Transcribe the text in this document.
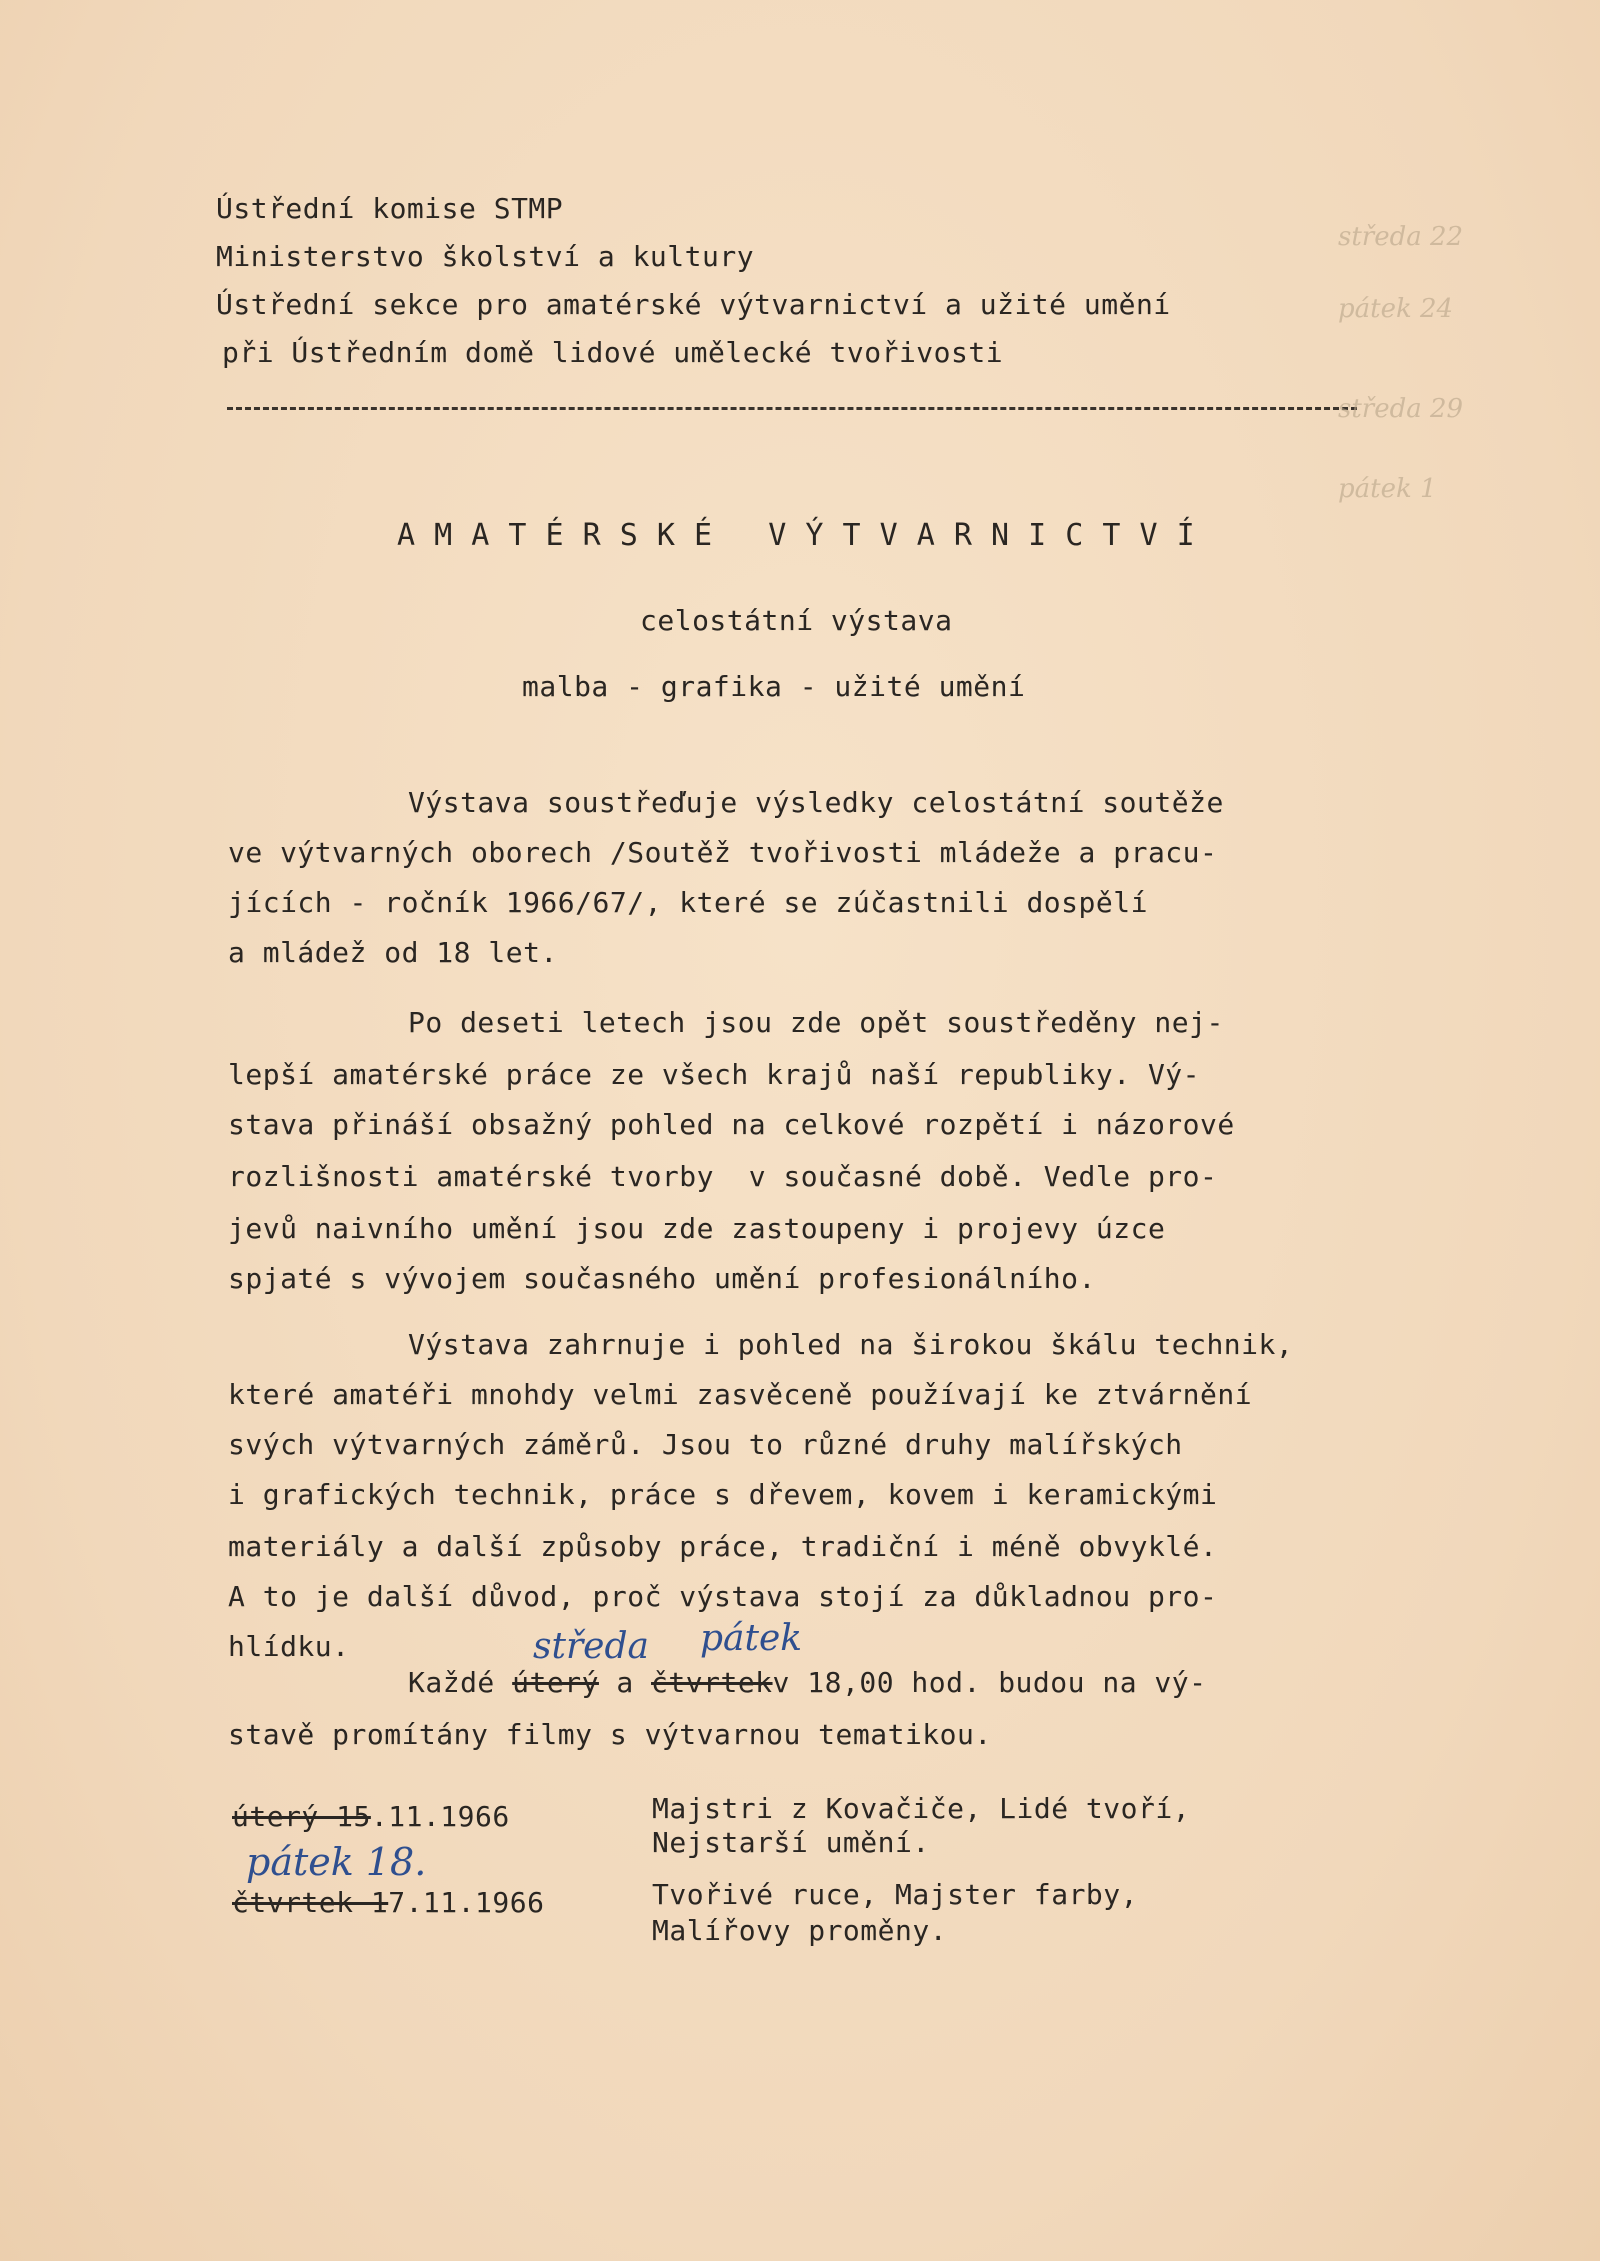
Ústřední komise STMP
Ministerstvo školství a kultury
Ústřední sekce pro amatérské výtvarnictví a užité umění
při Ústředním domě lidové umělecké tvořivosti
středa 22
pátek 24
středa 29
pátek 1
A M A T É R S K É   V Ý T V A R N I C T V Í
celostátní výstava
malba - grafika - užité umění
Výstava soustřeďuje výsledky celostátní soutěže
ve výtvarných oborech /Soutěž tvořivosti mládeže a pracu-
jících - ročník 1966/67/, které se zúčastnili dospělí
a mládež od 18 let.
Po deseti letech jsou zde opět soustředěny nej-
lepší amatérské práce ze všech krajů naší republiky. Vý-
stava přináší obsažný pohled na celkové rozpětí i názorové
rozlišnosti amatérské tvorby  v současné době. Vedle pro-
jevů naivního umění jsou zde zastoupeny i projevy úzce
spjaté s vývojem současného umění profesionálního.
Výstava zahrnuje i pohled na širokou škálu technik,
které amatéři mnohdy velmi zasvěceně používají ke ztvárnění
svých výtvarných záměrů. Jsou to různé druhy malířských
i grafických technik, práce s dřevem, kovem i keramickými
materiály a další způsoby práce, tradiční i méně obvyklé.
A to je další důvod, proč výstava stojí za důkladnou pro-
hlídku.	středa pátek
Každé úterý a čtvrtekv 18,00 hod. budou na vý-
stavě promítány filmy s výtvarnou tematikou.
úterý 15.11.1966	Majstri z Kovačiče, Lidé tvoří,
Nejstarší umění.
pátek 18.
čtvrtek 17.11.1966	Tvořivé ruce, Majster farby,
Malířovy proměny.
